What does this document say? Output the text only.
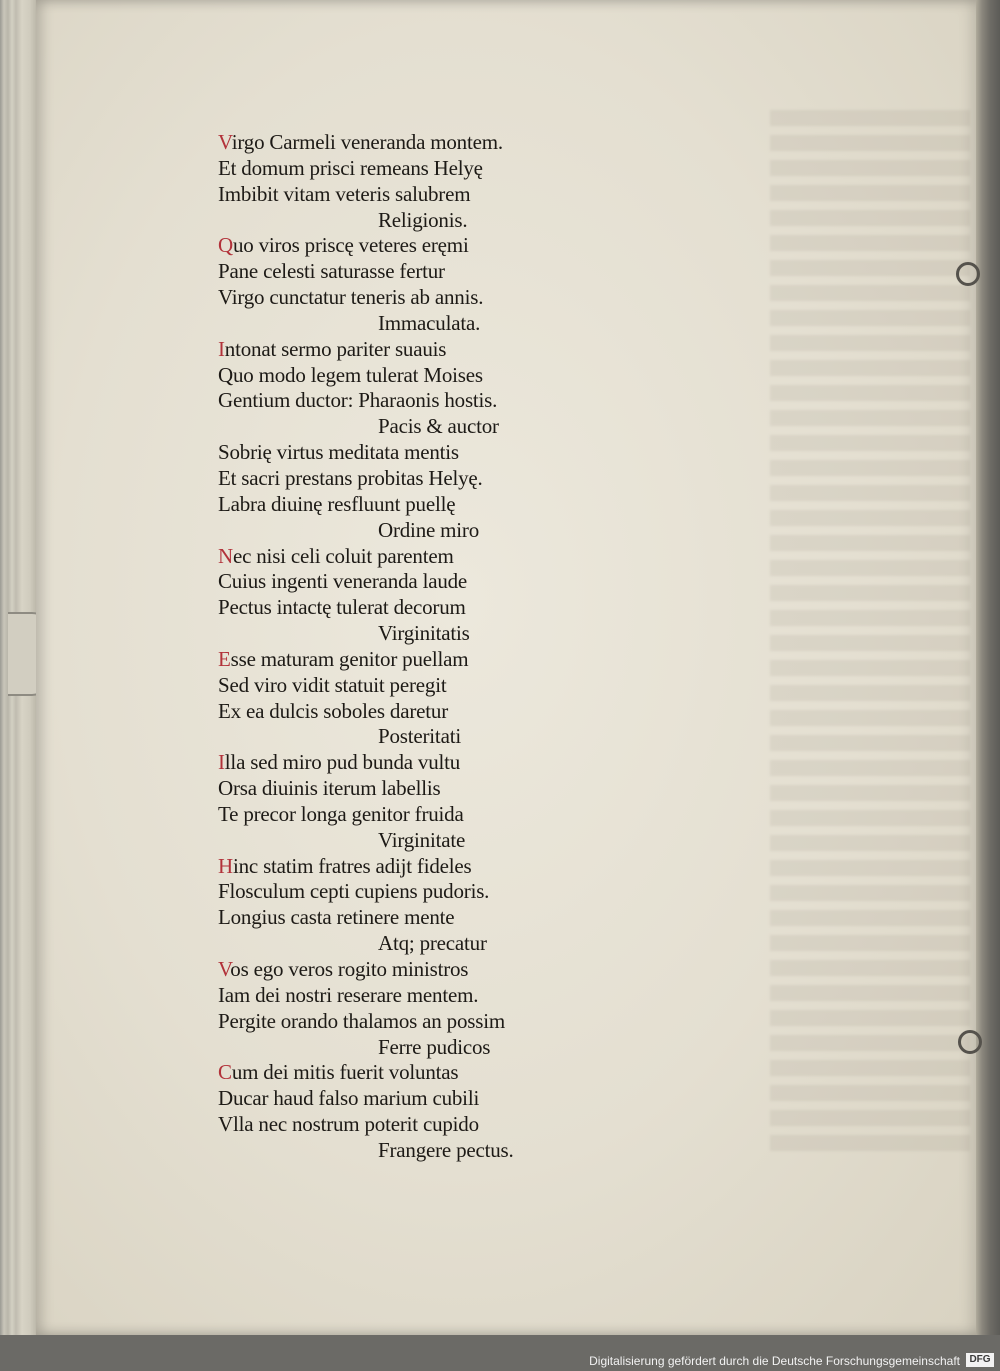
Virgo Carmeli veneranda montem.
Et domum prisci remeans Helyę
Imbibit vitam veteris salubrem
Religionis.
Quo viros priscę veteres eręmi
Pane celesti saturasse fertur
Virgo cunctatur teneris ab annis.
Immaculata.
Intonat sermo pariter suauis
Quo modo legem tulerat Moises
Gentium ductor: Pharaonis hostis.
Pacis & auctor
Sobrię virtus meditata mentis
Et sacri prestans probitas Helyę.
Labra diuinę resfluunt puellę
Ordine miro
Nec nisi celi coluit parentem
Cuius ingenti veneranda laude
Pectus intactę tulerat decorum
Virginitatis
Esse maturam genitor puellam
Sed viro vidit statuit peregit
Ex ea dulcis soboles daretur
Posteritati
Illa sed miro pud bunda vultu
Orsa diuinis iterum labellis
Te precor longa genitor fruida
Virginitate
Hinc statim fratres adijt fideles
Flosculum cepti cupiens pudoris.
Longius casta retinere mente
Atq; precatur
Vos ego veros rogito ministros
Iam dei nostri reserare mentem.
Pergite orando thalamos an possim
Ferre pudicos
Cum dei mitis fuerit voluntas
Ducar haud falso marium cubili
Vlla nec nostrum poterit cupido
Frangere pectus.
Digitalisierung gefördert durch die Deutsche Forschungsgemeinschaft DFG
